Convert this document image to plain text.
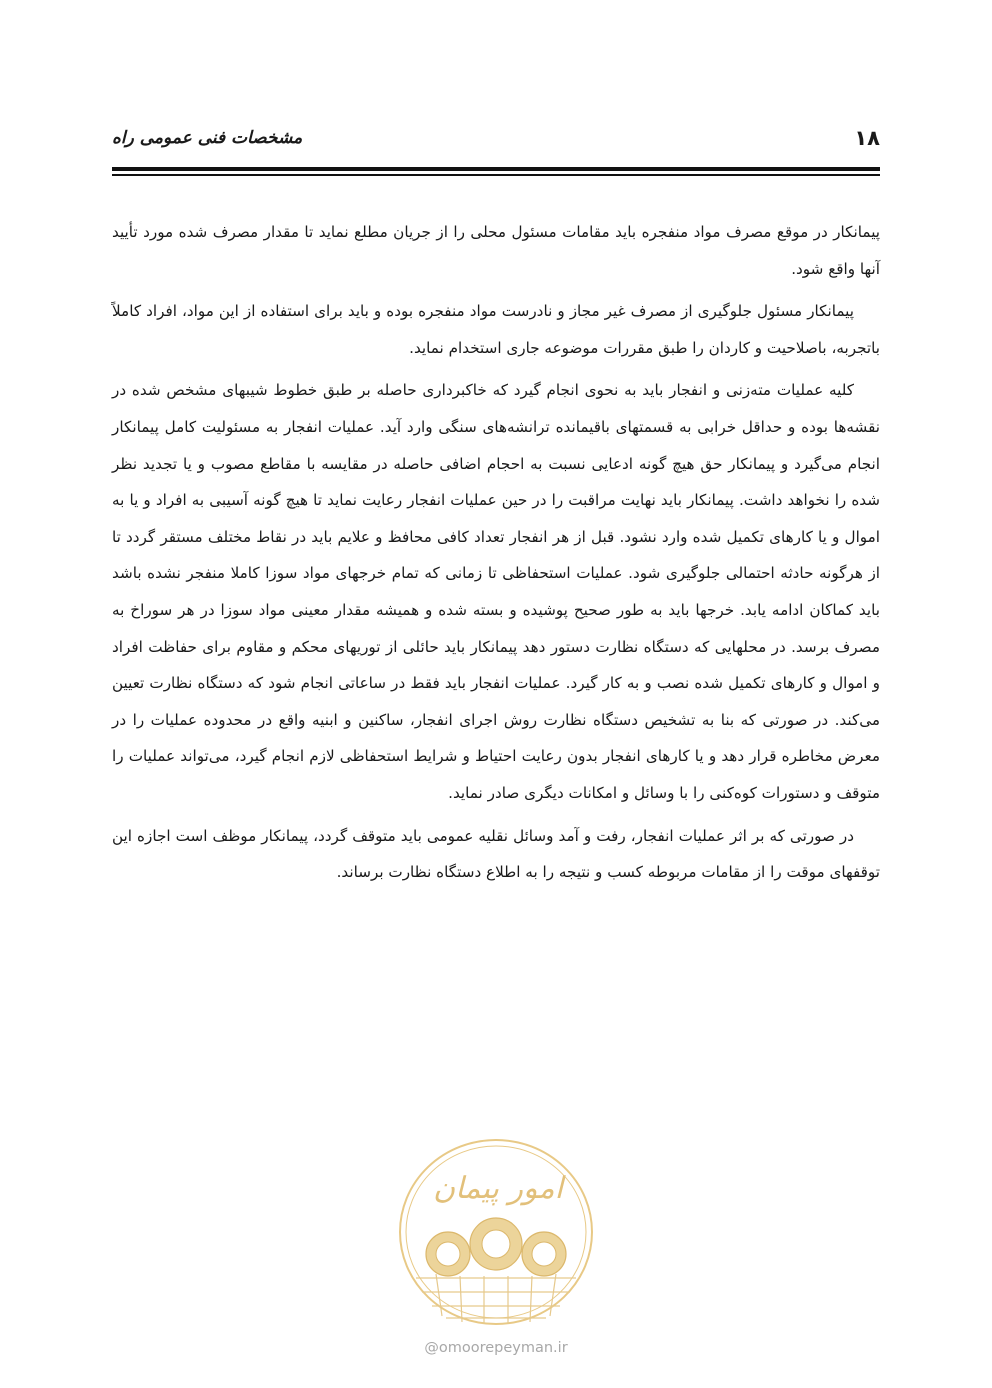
۱۸
مشخصات فنی عمومی راه

پیمانکار در موقع مصرف مواد منفجره باید مقامات مسئول محلی را از جریان مطلع نماید تا مقدار مصرف شده مورد تأیید آنها واقع شود.

پیمانکار مسئول جلوگیری از مصرف غیر مجاز و نادرست مواد منفجره بوده و باید برای استفاده از این مواد، افراد کاملاً باتجربه، باصلاحیت و کاردان را طبق مقررات موضوعه جاری استخدام نماید.

کلیه عملیات مته‌زنی و انفجار باید به نحوی انجام گیرد که خاکبرداری حاصله بر طبق خطوط شیبهای مشخص شده در نقشه‌ها بوده و حداقل خرابی به قسمتهای باقیمانده ترانشه‌های سنگی وارد آید. عملیات انفجار به مسئولیت کامل پیمانکار انجام می‌گیرد و پیمانکار حق هیچ گونه ادعایی نسبت به احجام اضافی حاصله در مقایسه با مقاطع مصوب و یا تجدید نظر شده را نخواهد داشت. پیمانکار باید نهایت مراقبت را در حین عملیات انفجار رعایت نماید تا هیچ گونه آسیبی به افراد و یا به اموال و یا کارهای تکمیل شده وارد نشود. قبل از هر انفجار تعداد کافی محافظ و علایم باید در نقاط مختلف مستقر گردد تا از هرگونه حادثه احتمالی جلوگیری شود. عملیات استحفاظی تا زمانی که تمام خرجهای مواد سوزا کاملا منفجر نشده باشد باید کماکان ادامه یابد. خرجها باید به طور صحیح پوشیده و بسته شده و همیشه مقدار معینی مواد سوزا در هر سوراخ به مصرف برسد. در محلهایی که دستگاه نظارت دستور دهد پیمانکار باید حائلی از توریهای محکم و مقاوم برای حفاظت افراد و اموال و کارهای تکمیل شده نصب و به کار گیرد. عملیات انفجار باید فقط در ساعاتی انجام شود که دستگاه نظارت تعیین می‌کند. در صورتی که بنا به تشخیص دستگاه نظارت روش اجرای انفجار، ساکنین و ابنیه واقع در محدوده عملیات را در معرض مخاطره قرار دهد و یا کارهای انفجار بدون رعایت احتیاط و شرایط استحفاظی لازم انجام گیرد، می‌تواند عملیات را متوقف و دستورات کوه‌کنی را با وسائل و امکانات دیگری صادر نماید.

در صورتی که بر اثر عملیات انفجار، رفت و آمد وسائل نقلیه عمومی باید متوقف گردد، پیمانکار موظف است اجازه این توقفهای موقت را از مقامات مربوطه کسب و نتیجه را به اطلاع دستگاه نظارت برساند.

امور پیمان
@omoorepeyman.ir
